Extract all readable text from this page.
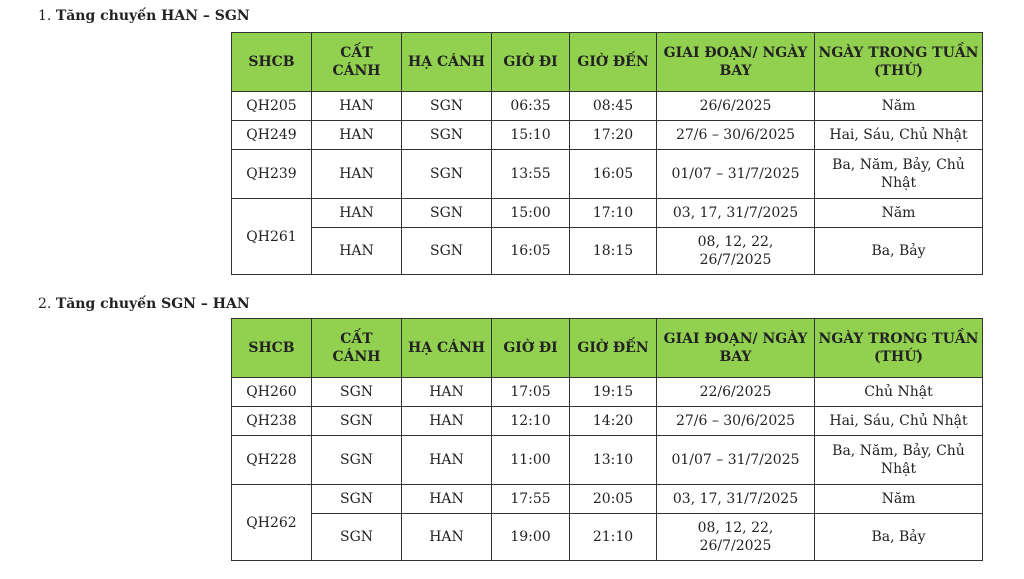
1. Tăng chuyến HAN – SGN
SHCB	CẤT CÁNH	HẠ CÁNH	GIỜ ĐI	GIỜ ĐẾN	GIAI ĐOẠN/ NGÀY BAY	NGÀY TRONG TUẦN (THỨ)
QH205	HAN	SGN	06:35	08:45	26/6/2025	Năm
QH249	HAN	SGN	15:10	17:20	27/6 – 30/6/2025	Hai, Sáu, Chủ Nhật
QH239	HAN	SGN	13:55	16:05	01/07 – 31/7/2025	Ba, Năm, Bảy, Chủ Nhật
QH261	HAN	SGN	15:00	17:10	03, 17, 31/7/2025	Năm
	HAN	SGN	16:05	18:15	08, 12, 22, 26/7/2025	Ba, Bảy
2. Tăng chuyến SGN – HAN
SHCB	CẤT CÁNH	HẠ CÁNH	GIỜ ĐI	GIỜ ĐẾN	GIAI ĐOẠN/ NGÀY BAY	NGÀY TRONG TUẦN (THỨ)
QH260	SGN	HAN	17:05	19:15	22/6/2025	Chủ Nhật
QH238	SGN	HAN	12:10	14:20	27/6 – 30/6/2025	Hai, Sáu, Chủ Nhật
QH228	SGN	HAN	11:00	13:10	01/07 – 31/7/2025	Ba, Năm, Bảy, Chủ Nhật
QH262	SGN	HAN	17:55	20:05	03, 17, 31/7/2025	Năm
	SGN	HAN	19:00	21:10	08, 12, 22, 26/7/2025	Ba, Bảy
